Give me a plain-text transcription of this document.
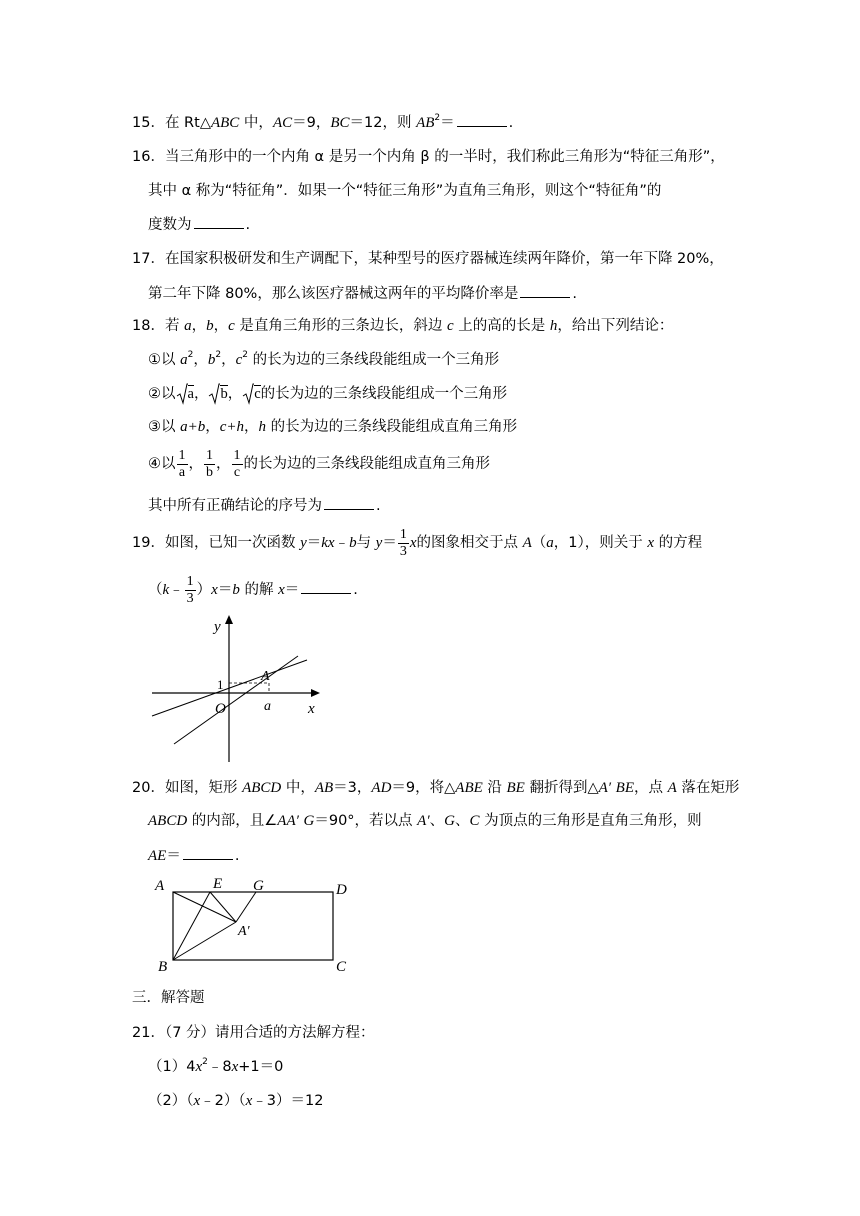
15．在 Rt△ABC 中，AC＝9，BC＝12，则 $AB^2=$	.
16．当三角形中的一个内角 α 是另一个内角 β 的一半时，我们称此三角形为“特征三角形”，
其中 α 称为“特征角”．如果一个“特征三角形”为直角三角形，则这个“特征角”的
度数为	.
17．在国家积极研发和生产调配下，某种型号的医疗器械连续两年降价，第一年下降 20%，
第二年下降 80%，那么该医疗器械这两年的平均降价率是	.
18．若 a，b，c 是直角三角形的三条边长，斜边 c 上的高的长是 h，给出下列结论：
①以 $a^2$，$b^2$，$c^2$ 的长为边的三条线段能组成一个三角形
②以 a， b， c的长为边的三条线段能组成一个三角形
③以 a+b，c+h，h 的长为边的三条线段能组成直角三角形
④以 $\frac{1}{a}$ ， $\frac{1}{b}$ ， $\frac{1}{c}$ 的长为边的三条线段能组成直角三角形
其中所有正确结论的序号为	.
19．如图，已知一次函数 y＝kx﹣b与 $y= \frac{1}{3}$ x的图象相交于点 A（a，1），则关于 x 的方程
（k﹣ $\frac{1}{3} )x=b$ 的解 x＝	.
y
x
O
A
a
1
20．如图，矩形 ABCD 中，AB＝3，AD＝9，将△ABE 沿 BE 翻折得到△A′ BE，点 A 落在矩形
ABCD 的内部，且∠AA′ G＝90°，若以点 A′、G、C 为顶点的三角形是直角三角形，则
AE＝	.
A	E G	D
A′
B	C
三．解答题
21．（7 分）请用合适的方法解方程：
$(1)4x^2﹣8x+1=0$
（2）（x﹣2）（x﹣3）＝12
